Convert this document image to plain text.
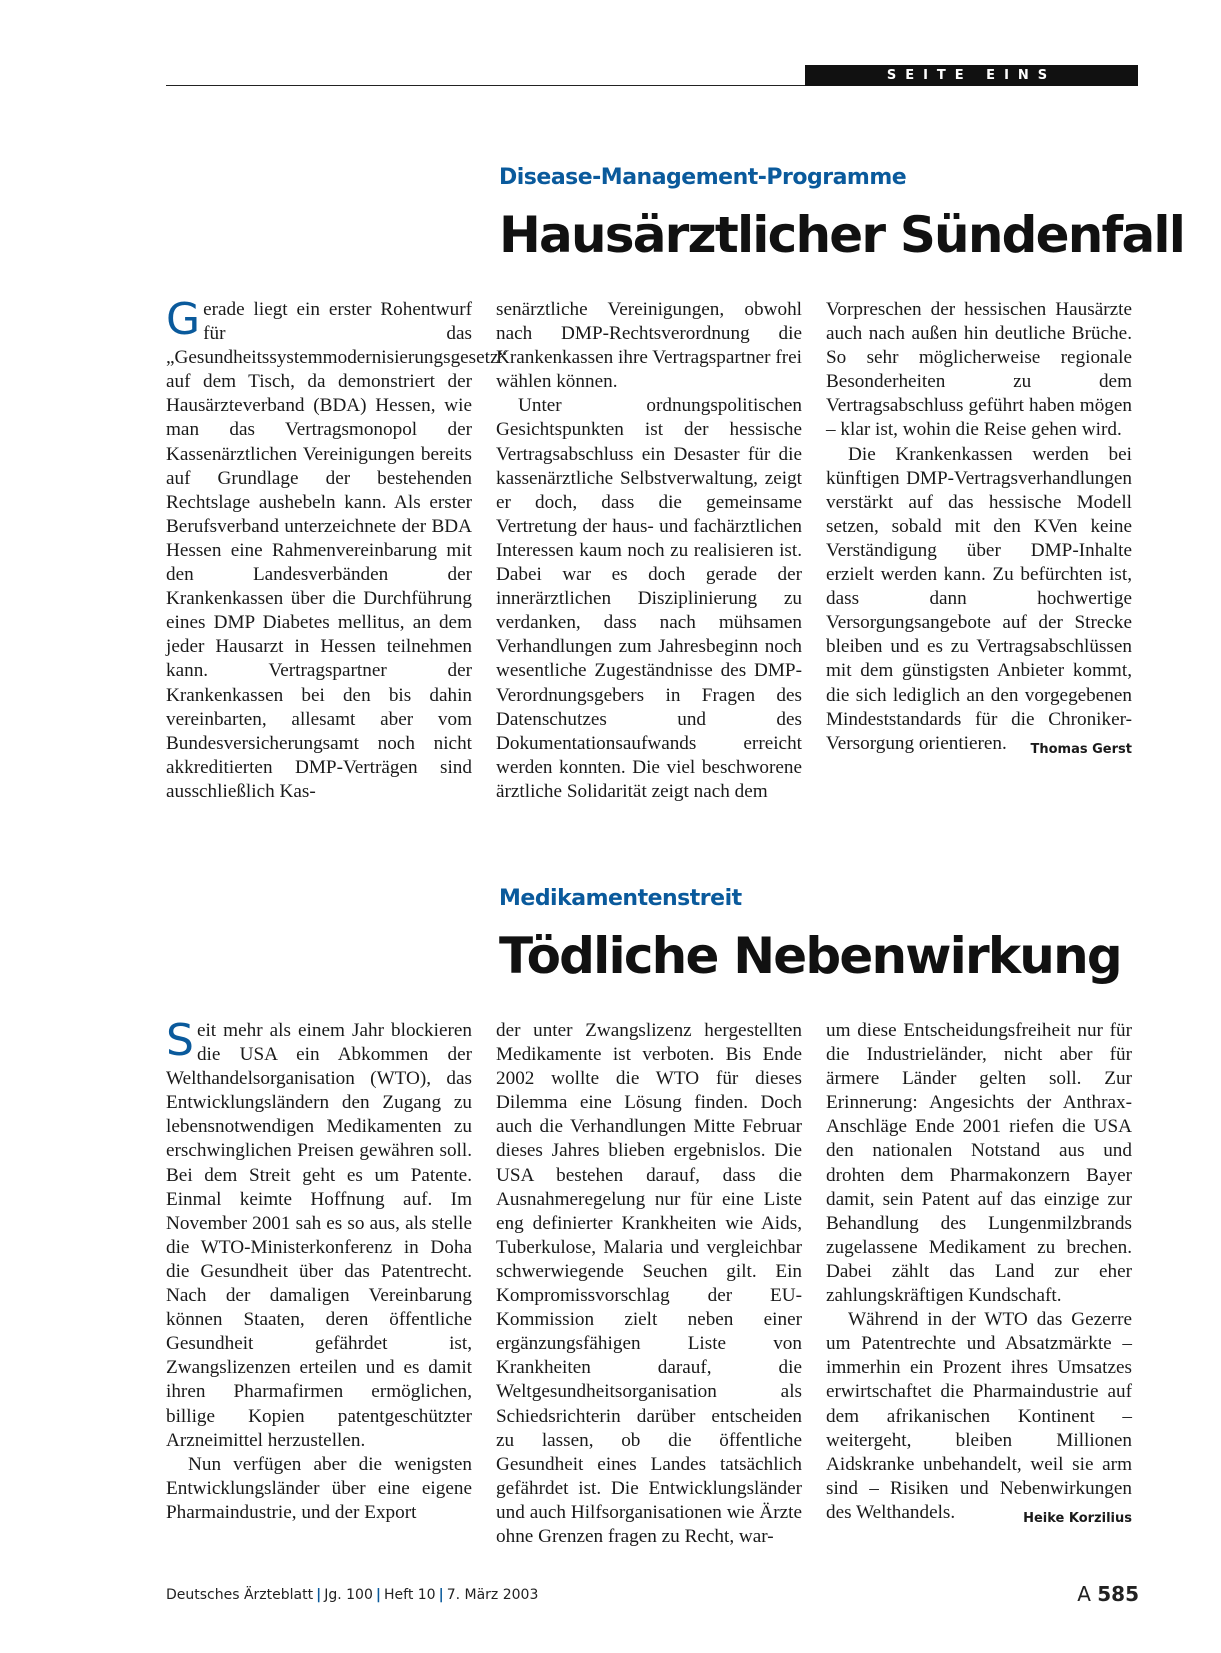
SEITE EINS
Disease-Management-Programme
Hausärztlicher Sündenfall

Gerade liegt ein erster Rohentwurf für das „Gesundheitssystemmodernisierungsgesetz“ auf dem Tisch, da demonstriert der Hausärzteverband (BDA) Hessen, wie man das Vertragsmonopol der Kassenärztlichen Vereinigungen bereits auf Grundlage der bestehenden Rechtslage aushebeln kann. Als erster Berufsverband unterzeichnete der BDA Hessen eine Rahmenvereinbarung mit den Landesverbänden der Krankenkassen über die Durchführung eines DMP Diabetes mellitus, an dem jeder Hausarzt in Hessen teilnehmen kann. Vertragspartner der Krankenkassen bei den bis dahin vereinbarten, allesamt aber vom Bundesversicherungsamt noch nicht akkreditierten DMP-Verträgen sind ausschließlich Kas-

senärztliche Vereinigungen, obwohl nach DMP-Rechtsverordnung die Krankenkassen ihre Vertragspartner frei wählen können.

Unter ordnungspolitischen Gesichtspunkten ist der hessische Vertragsabschluss ein Desaster für die kassenärztliche Selbstverwaltung, zeigt er doch, dass die gemeinsame Vertretung der haus- und fachärztlichen Interessen kaum noch zu realisieren ist. Dabei war es doch gerade der innerärztlichen Disziplinierung zu verdanken, dass nach mühsamen Verhandlungen zum Jahresbeginn noch wesentliche Zugeständnisse des DMP-Verordnungsgebers in Fragen des Datenschutzes und des Dokumentationsaufwands erreicht werden konnten. Die viel beschworene ärztliche Solidarität zeigt nach dem

Vorpreschen der hessischen Hausärzte auch nach außen hin deutliche Brüche. So sehr möglicherweise regionale Besonderheiten zu dem Vertragsabschluss geführt haben mögen – klar ist, wohin die Reise gehen wird.

Die Krankenkassen werden bei künftigen DMP-Vertragsverhandlungen verstärkt auf das hessische Modell setzen, sobald mit den KVen keine Verständigung über DMP-Inhalte erzielt werden kann. Zu befürchten ist, dass dann hochwertige Versorgungsangebote auf der Strecke bleiben und es zu Vertragsabschlüssen mit dem günstigsten Anbieter kommt, die sich lediglich an den vorgegebenen Mindeststandards für die Chroniker-Versorgung orientieren.	Thomas Gerst

Medikamentenstreit
Tödliche Nebenwirkung

Seit mehr als einem Jahr blockieren die USA ein Abkommen der Welthandelsorganisation (WTO), das Entwicklungsländern den Zugang zu lebensnotwendigen Medikamenten zu erschwinglichen Preisen gewähren soll. Bei dem Streit geht es um Patente. Einmal keimte Hoffnung auf. Im November 2001 sah es so aus, als stelle die WTO-Ministerkonferenz in Doha die Gesundheit über das Patentrecht. Nach der damaligen Vereinbarung können Staaten, deren öffentliche Gesundheit gefährdet ist, Zwangslizenzen erteilen und es damit ihren Pharmafirmen ermöglichen, billige Kopien patentgeschützter Arzneimittel herzustellen.

Nun verfügen aber die wenigsten Entwicklungsländer über eine eigene Pharmaindustrie, und der Export

der unter Zwangslizenz hergestellten Medikamente ist verboten. Bis Ende 2002 wollte die WTO für dieses Dilemma eine Lösung finden. Doch auch die Verhandlungen Mitte Februar dieses Jahres blieben ergebnislos. Die USA bestehen darauf, dass die Ausnahmeregelung nur für eine Liste eng definierter Krankheiten wie Aids, Tuberkulose, Malaria und vergleichbar schwerwiegende Seuchen gilt. Ein Kompromissvorschlag der EU-Kommission zielt neben einer ergänzungsfähigen Liste von Krankheiten darauf, die Weltgesundheitsorganisation als Schiedsrichterin darüber entscheiden zu lassen, ob die öffentliche Gesundheit eines Landes tatsächlich gefährdet ist. Die Entwicklungsländer und auch Hilfsorganisationen wie Ärzte ohne Grenzen fragen zu Recht, war-

um diese Entscheidungsfreiheit nur für die Industrieländer, nicht aber für ärmere Länder gelten soll. Zur Erinnerung: Angesichts der Anthrax-Anschläge Ende 2001 riefen die USA den nationalen Notstand aus und drohten dem Pharmakonzern Bayer damit, sein Patent auf das einzige zur Behandlung des Lungenmilzbrands zugelassene Medikament zu brechen. Dabei zählt das Land zur eher zahlungskräftigen Kundschaft.

Während in der WTO das Gezerre um Patentrechte und Absatzmärkte – immerhin ein Prozent ihres Umsatzes erwirtschaftet die Pharmaindustrie auf dem afrikanischen Kontinent – weitergeht, bleiben Millionen Aidskranke unbehandelt, weil sie arm sind – Risiken und Nebenwirkungen des Welthandels.	Heike Korzilius

Deutsches Ärzteblatt | Jg. 100 | Heft 10 | 7. März 2003	A 585
